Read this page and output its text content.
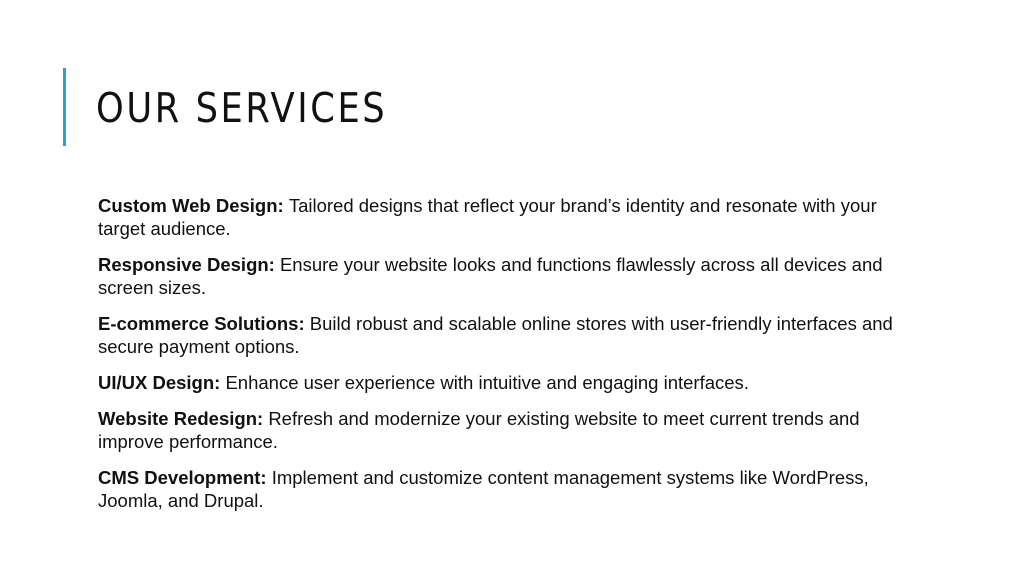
OUR SERVICES
Custom Web Design: Tailored designs that reflect your brand’s identity and resonate with your target audience.
Responsive Design: Ensure your website looks and functions flawlessly across all devices and screen sizes.
E-commerce Solutions: Build robust and scalable online stores with user-friendly interfaces and secure payment options.
UI/UX Design: Enhance user experience with intuitive and engaging interfaces.
Website Redesign: Refresh and modernize your existing website to meet current trends and improve performance.
CMS Development: Implement and customize content management systems like WordPress, Joomla, and Drupal.
